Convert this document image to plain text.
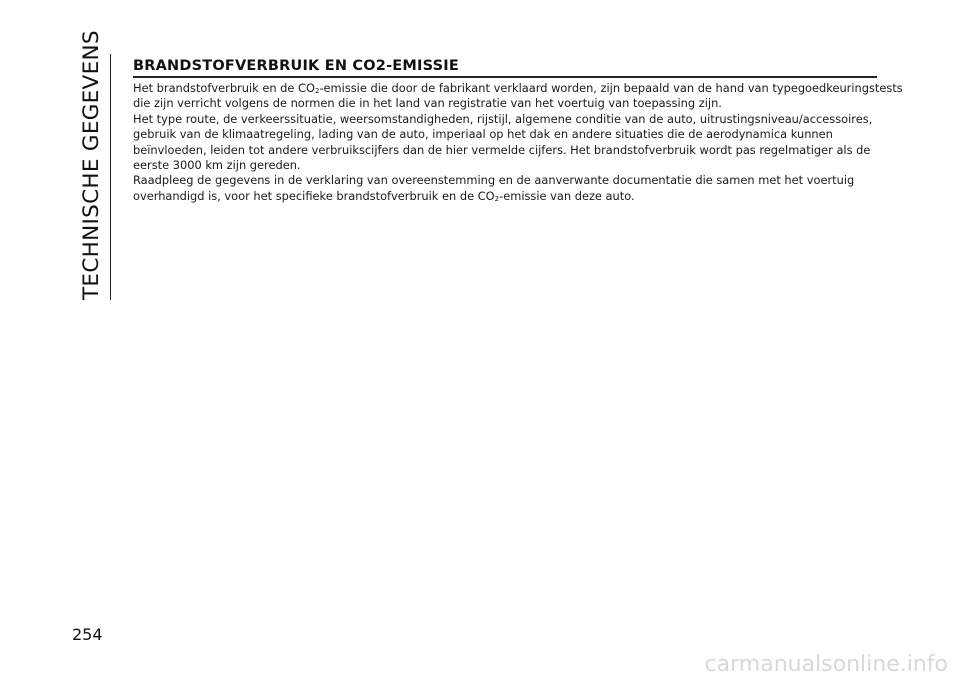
TECHNISCHE GEGEVENS
254
BRANDSTOFVERBRUIK EN CO2-EMISSIE
Het brandstofverbruik en de $CO_2$-emissie die door de fabrikant verklaard worden, zijn bepaald van de hand van typegoedkeuringstests
die zijn verricht volgens de normen die in het land van registratie van het voertuig van toepassing zijn.
Het type route, de verkeerssituatie, weersomstandigheden, rijstijl, algemene conditie van de auto, uitrustingsniveau/accessoires,
gebruik van de klimaatregeling, lading van de auto, imperiaal op het dak en andere situaties die de aerodynamica kunnen
beïnvloeden, leiden tot andere verbruikscijfers dan de hier vermelde cijfers. Het brandstofverbruik wordt pas regelmatiger als de
eerste 3000 km zijn gereden.
Raadpleeg de gegevens in de verklaring van overeenstemming en de aanverwante documentatie die samen met het voertuig
overhandigd is, voor het specifieke brandstofverbruik en de $CO_2$-emissie van deze auto.
carmanualsonline.info
